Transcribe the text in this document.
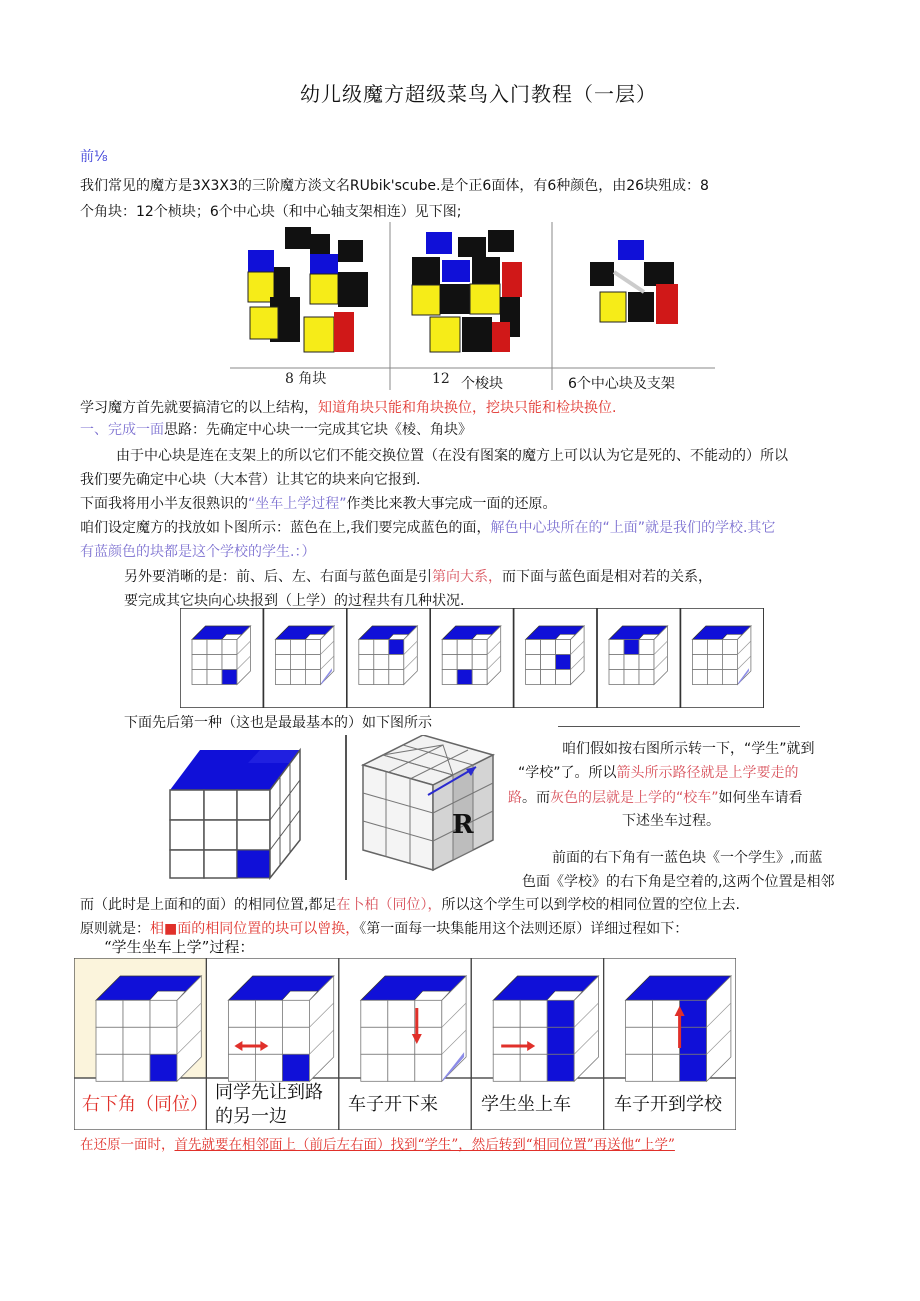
幼儿级魔方超级菜鸟入门教程（一层）
前⅛
我们常见的魔方是3X3X3的三阶魔方淡文名RUbik'scube.是个正6面体，有6种颜色，由26块殂成：8
个角块：12个桢块；6个中心块（和中心轴支架相连）见下图;
8 角块	12 个梭块	6个中心块及支架
学习魔方首先就要搞清它的以上结构，知道角块只能和角块换位，挖块只能和检块换位.
一、完成一面思路：先确定中心块一一完成其它块《棱、角块》
由于中心块是连在支架上的所以它们不能交换位置（在没有图案的魔方上可以认为它是死的、不能动的）所以
我们要先确定中心块（大本营）让其它的块来向它报到.
下面我将用小半友很熟识的“坐车上学过程”作类比来教大事完成一面的还原。
咱们设定魔方的找放如卜图所示：蓝色在上,我们要完成蓝色的面，解色中心块所在的“上面”就是我们的学校.其它
有蓝颜色的块都是这个学校的学生.：）
另外要消晰的是：前、后、左、右面与蓝色面是引第向大系，而下面与蓝色面是相对若的关系，
要完成其它块向心块报到（上学）的过程共有几种状况.
下面先后第一种（这也是最最基本的）如下图所示
R
咱们假如按右图所示转一下，“学生”就到
“学校”了。所以箭头所示路径就是上学要走的
路。而灰色的层就是上学的“校车”如何坐车请看
下述坐车过程。
前面的右下角有一蓝色块《一个学生》,而蓝
色面《学校》的右下角是空着的,这两个位置是相邻
而（此时是上面和的面）的相同位置,都足在卜柏（同位），所以这个学生可以到学校的相同位置的空位上去.
原则就是：相■面的相同位置的块可以曾换，《第一面每一块集能用这个法则还原）详细过程如下：
“学生坐车上学”过程：
右下角（同位）
同学先让到路的另一边
车子开下来	学生坐上车	车子开到学校
在还原一面时，首先就要在相邻面上（前后左右面）找到“学生”，然后转到“相同位置”再送他“上学”
